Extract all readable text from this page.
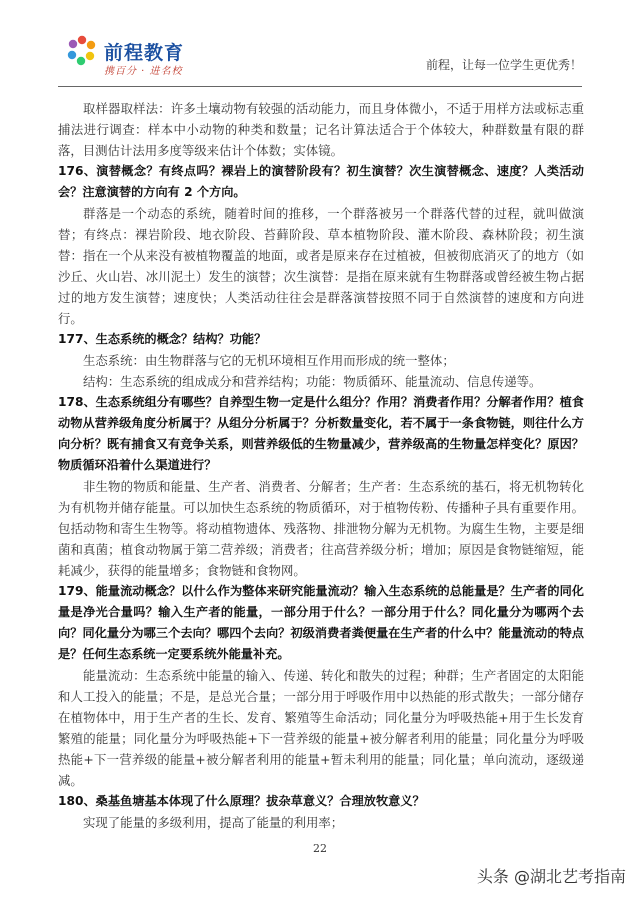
前程教育
携百分 · 进名校	前程，让每一位学生更优秀！

取样器取样法：许多土壤动物有较强的活动能力，而且身体微小，不适于用样方法或标志重捕法进行调查：样本中小动物的种类和数量；记名计算法适合于个体较大，种群数量有限的群落，目测估计法用多度等级来估计个体数；实体镜。

176、演替概念？有终点吗？裸岩上的演替阶段有？初生演替？次生演替概念、速度？人类活动会？注意演替的方向有 2 个方向。

群落是一个动态的系统，随着时间的推移，一个群落被另一个群落代替的过程，就叫做演替；有终点：裸岩阶段、地衣阶段、苔藓阶段、草本植物阶段、灌木阶段、森林阶段；初生演替：指在一个从来没有被植物覆盖的地面，或者是原来存在过植被，但被彻底消灭了的地方（如沙丘、火山岩、冰川泥土）发生的演替；次生演替：是指在原来就有生物群落或曾经被生物占据过的地方发生演替；速度快；人类活动往往会是群落演替按照不同于自然演替的速度和方向进行。

177、生态系统的概念？结构？功能？

生态系统：由生物群落与它的无机环境相互作用而形成的统一整体；

结构：生态系统的组成成分和营养结构；功能：物质循环、能量流动、信息传递等。

178、生态系统组分有哪些？自养型生物一定是什么组分？作用？消费者作用？分解者作用？植食动物从营养级角度分析属于？从组分分析属于？分析数量变化，若不属于一条食物链，则往什么方向分析？既有捕食又有竞争关系，则营养级低的生物量减少，营养级高的生物量怎样变化？原因？物质循环沿着什么渠道进行？

非生物的物质和能量、生产者、消费者、分解者；生产者：生态系统的基石，将无机物转化为有机物并储存能量。可以加快生态系统的物质循环，对于植物传粉、传播种子具有重要作用。包括动物和寄生生物等。将动植物遗体、残落物、排泄物分解为无机物。为腐生生物，主要是细菌和真菌；植食动物属于第二营养级；消费者；往高营养级分析；增加；原因是食物链缩短，能耗减少，获得的能量增多；食物链和食物网。

179、能量流动概念？以什么作为整体来研究能量流动？输入生态系统的总能量是？生产者的同化量是净光合量吗？输入生产者的能量，一部分用于什么？一部分用于什么？同化量分为哪两个去向？同化量分为哪三个去向？哪四个去向？初级消费者粪便量在生产者的什么中？能量流动的特点是？任何生态系统一定要系统外能量补充。

能量流动：生态系统中能量的输入、传递、转化和散失的过程；种群；生产者固定的太阳能和人工投入的能量；不是，是总光合量；一部分用于呼吸作用中以热能的形式散失；一部分储存在植物体中，用于生产者的生长、发育、繁殖等生命活动；同化量分为呼吸热能+用于生长发育繁殖的能量；同化量分为呼吸热能+下一营养级的能量+被分解者利用的能量；同化量分为呼吸热能+下一营养级的能量+被分解者利用的能量+暂未利用的能量；同化量；单向流动，逐级递减。

180、桑基鱼塘基本体现了什么原理？拔杂草意义？合理放牧意义？

实现了能量的多级利用，提高了能量的利用率；

22
头条 @湖北艺考指南
